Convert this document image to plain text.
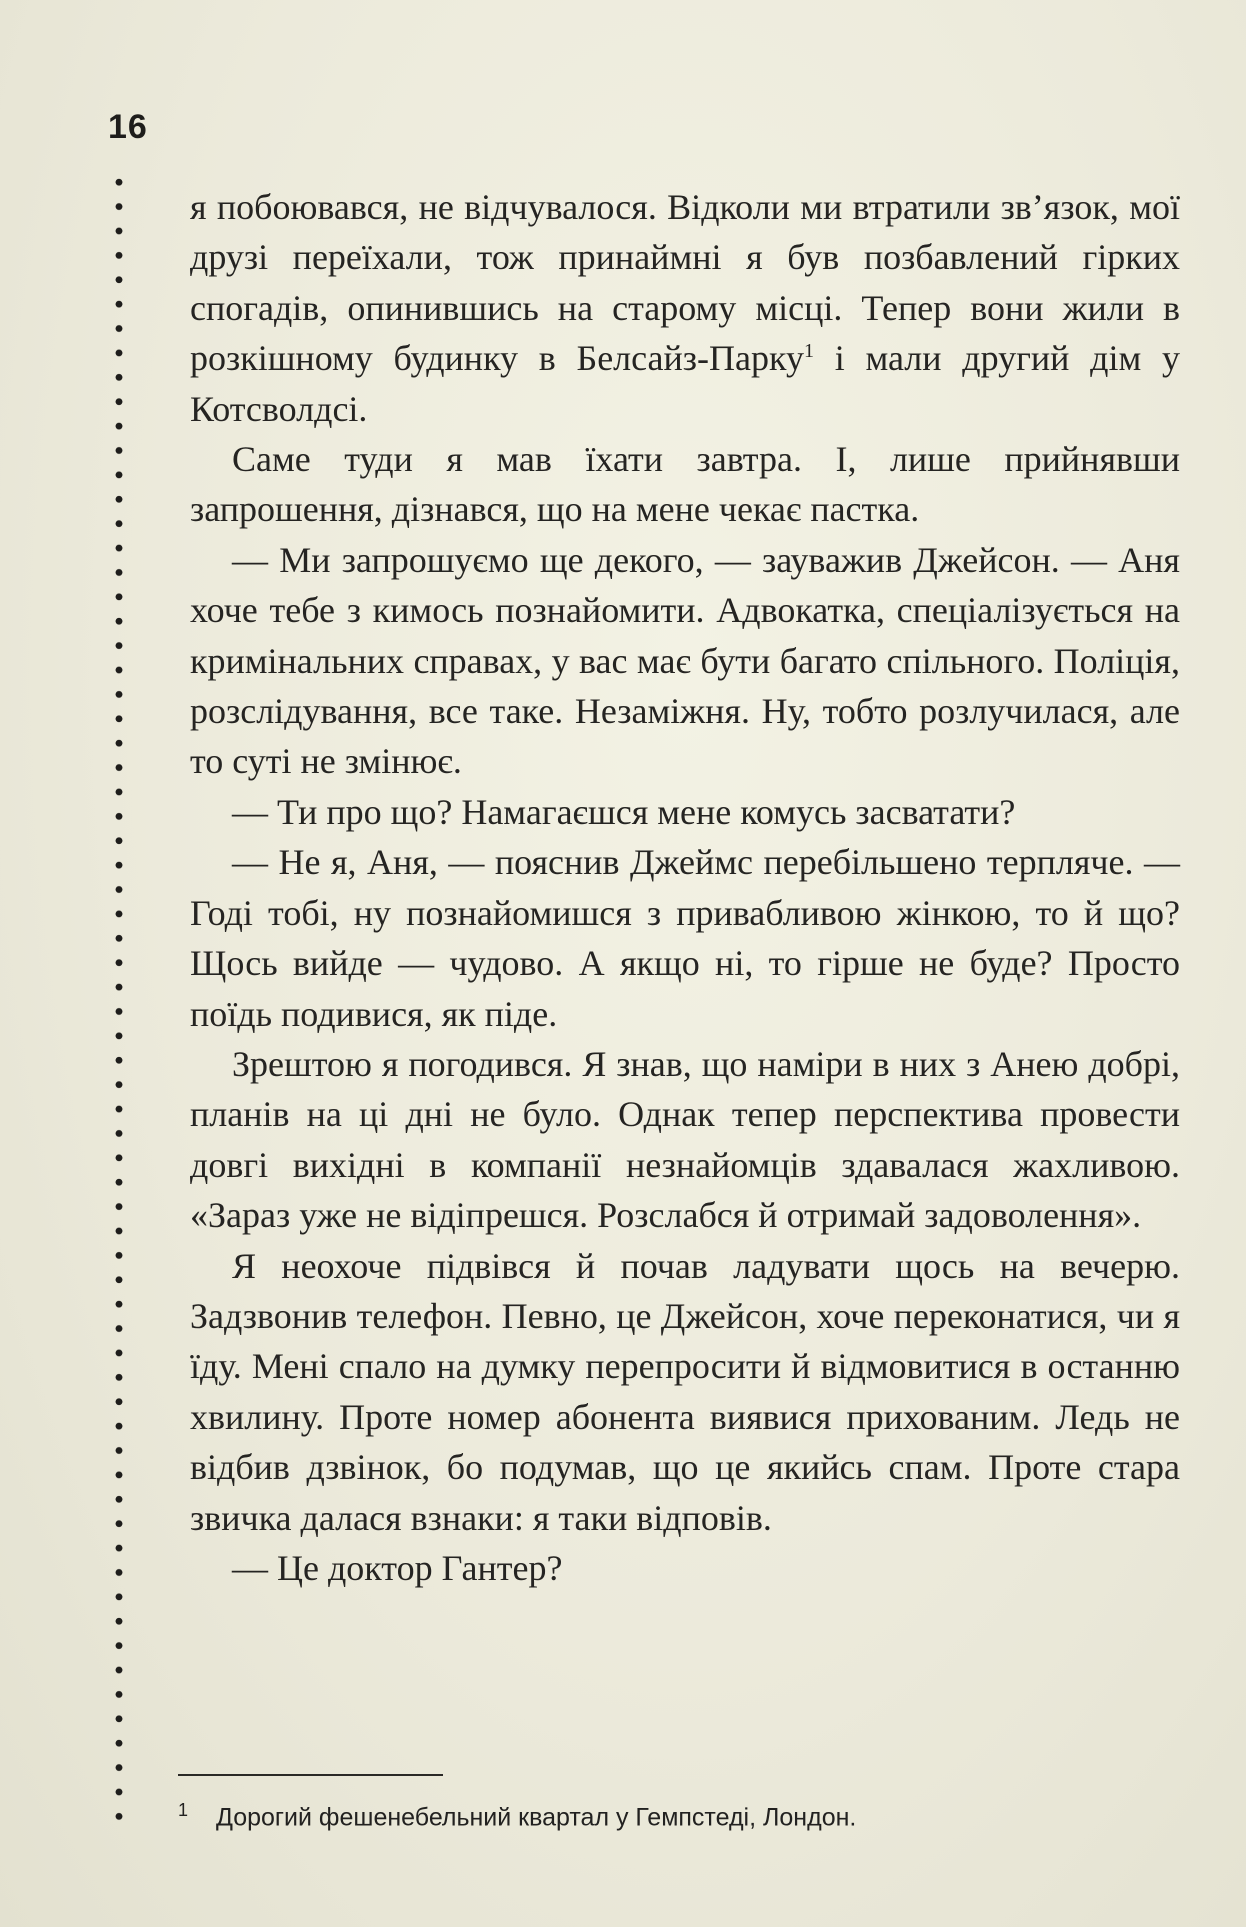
16

я побоювався, не відчувалося. Відколи ми втратили зв’язок, мої друзі переїхали, тож принаймні я був позбавлений гірких спогадів, опинившись на старому місці. Тепер вони жили в розкішному будинку в Белсайз-Парку$^1$ і мали другий дім у Котсволдсі.

Саме туди я мав їхати завтра. І, лише прийнявши запрошення, дізнався, що на мене чекає пастка.

— Ми запрошуємо ще декого, — зауважив Джейсон. — Аня хоче тебе з кимось познайомити. Адвокатка, спеціалізується на кримінальних справах, у вас має бути багато спільного. Поліція, розслідування, все таке. Незаміжня. Ну, тобто розлучилася, але то суті не змінює.

— Ти про що? Намагаєшся мене комусь засватати?

— Не я, Аня, — пояснив Джеймс перебільшено терпляче. — Годі тобі, ну познайомишся з привабливою жінкою, то й що? Щось вийде — чудово. А якщо ні, то гірше не буде? Просто поїдь подивися, як піде.

Зрештою я погодився. Я знав, що наміри в них з Анею добрі, планів на ці дні не було. Однак тепер перспектива провести довгі вихідні в компанії незнайомців здавалася жахливою. «Зараз уже не відіпрешся. Розслабся й отримай задоволення».

Я неохоче підвівся й почав ладувати щось на вечерю. Задзвонив телефон. Певно, це Джейсон, хоче переконатися, чи я їду. Мені спало на думку перепросити й відмовитися в останню хвилину. Проте номер абонента виявися прихованим. Ледь не відбив дзвінок, бо подумав, що це якийсь спам. Проте стара звичка далася взнаки: я таки відповів.

— Це доктор Гантер?

1 Дорогий фешенебельний квартал у Гемпстеді, Лондон.
